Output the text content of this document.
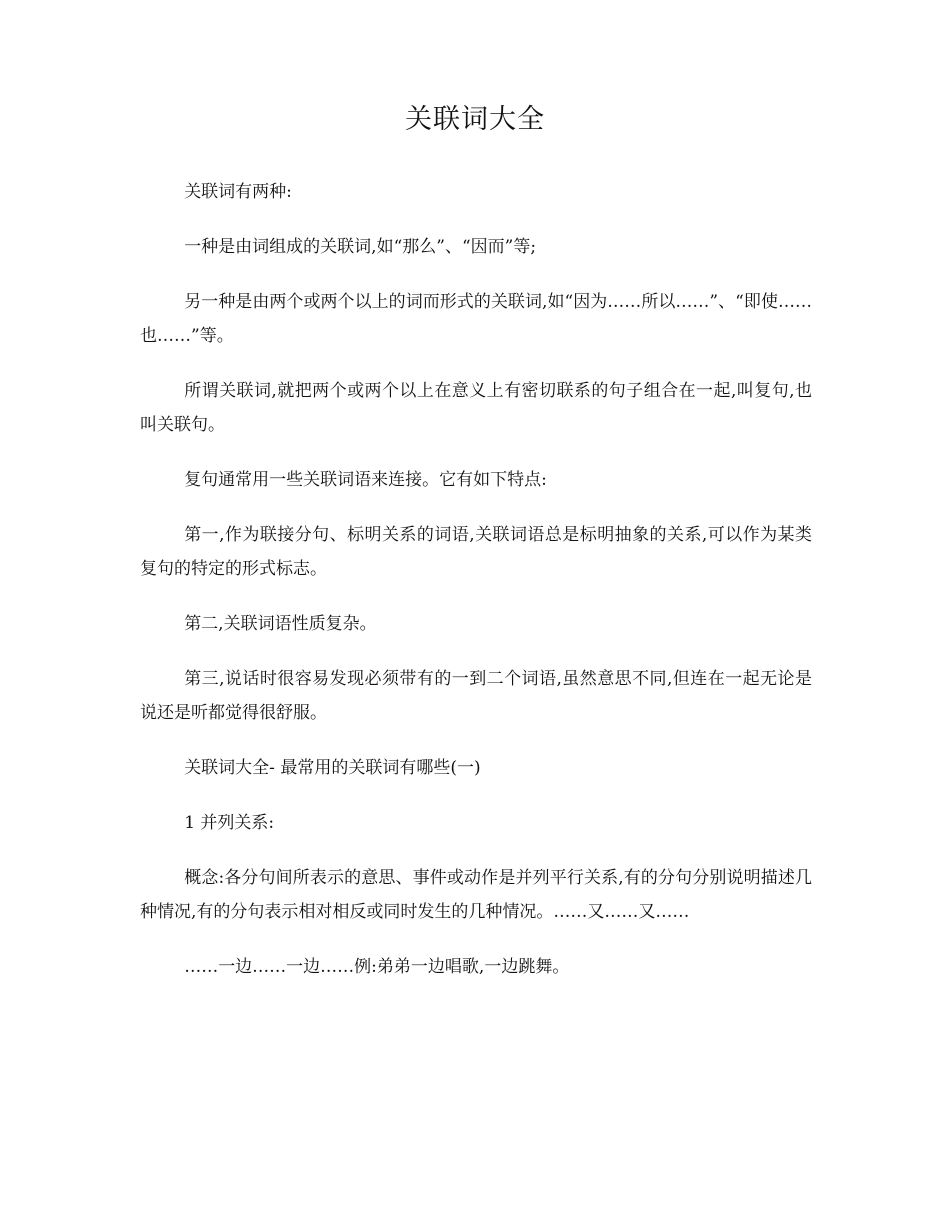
关联词大全

关联词有两种:

一种是由词组成的关联词,如“那么”、“因而”等;

另一种是由两个或两个以上的词而形式的关联词,如“因为……所以……”、“即使……也……”等。

所谓关联词,就把两个或两个以上在意义上有密切联系的句子组合在一起,叫复句,也叫关联句。

复句通常用一些关联词语来连接。它有如下特点:

第一,作为联接分句、标明关系的词语,关联词语总是标明抽象的关系,可以作为某类复句的特定的形式标志。

第二,关联词语性质复杂。

第三,说话时很容易发现必须带有的一到二个词语,虽然意思不同,但连在一起无论是说还是听都觉得很舒服。

关联词大全- 最常用的关联词有哪些(一)

1 并列关系:

概念:各分句间所表示的意思、事件或动作是并列平行关系,有的分句分别说明描述几种情况,有的分句表示相对相反或同时发生的几种情况。……又……又……

……一边……一边……例:弟弟一边唱歌,一边跳舞。
